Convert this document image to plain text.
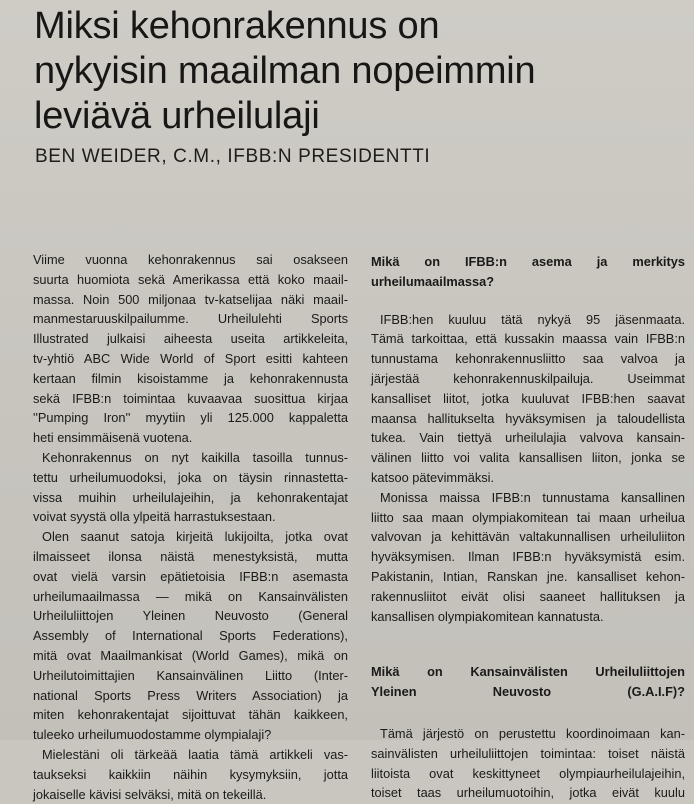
Miksi kehonrakennus on
nykyisin maailman nopeimmin
leviävä urheilulaji
BEN WEIDER, C.M., IFBB:N PRESIDENTTI

Viime vuonna kehonrakennus sai osakseen
suurta huomiota sekä Amerikassa että koko maail-
massa. Noin 500 miljonaa tv-katselijaa näki maail-
manmestaruuskilpailumme. Urheilulehti Sports
Illustrated julkaisi aiheesta useita artikkeleita,
tv-yhtiö ABC Wide World of Sport esitti kahteen
kertaan filmin kisoistamme ja kehonrakennusta
sekä IFBB:n toimintaa kuvaavaa suosittua kirjaa
''Pumping Iron'' myytiin yli 125.000 kappaletta
heti ensimmäisenä vuotena.

Kehonrakennus on nyt kaikilla tasoilla tunnus-
tettu urheilumuodoksi, joka on täysin rinnastetta-
vissa muihin urheilulajeihin, ja kehonrakentajat
voivat syystä olla ylpeitä harrastuksestaan.

Olen saanut satoja kirjeitä lukijoilta, jotka ovat
ilmaisseet ilonsa näistä menestyksistä, mutta
ovat vielä varsin epätietoisia IFBB:n asemasta
urheilumaailmassa — mikä on Kansainvälisten
Urheiluliittojen Yleinen Neuvosto (General
Assembly of International Sports Federations),
mitä ovat Maailmankisat (World Games), mikä on
Urheilutoimittajien Kansainvälinen Liitto (Inter-
national Sports Press Writers Association) ja
miten kehonrakentajat sijoittuvat tähän kaikkeen,
tuleeko urheilumuodostamme olympialaji?

Mielestäni oli tärkeää laatia tämä artikkeli vas-
taukseksi kaikkiin näihin kysymyksiin, jotta
jokaiselle kävisi selväksi, mitä on tekeillä.

Mikä on IFBB:n asema ja merkitys
urheilumaailmassa?

IFBB:hen kuuluu tätä nykyä 95 jäsenmaata.
Tämä tarkoittaa, että kussakin maassa vain IFBB:n
tunnustama kehonrakennusliitto saa valvoa ja
järjestää kehonrakennuskilpailuja. Useimmat
kansalliset liitot, jotka kuuluvat IFBB:hen saavat
maansa hallitukselta hyväksymisen ja taloudellista
tukea. Vain tiettyä urheilulajia valvova kansain-
välinen liitto voi valita kansallisen liiton, jonka se
katsoo pätevimmäksi.

Monissa maissa IFBB:n tunnustama kansallinen
liitto saa maan olympiakomitean tai maan urheilua
valvovan ja kehittävän valtakunnallisen urheiluliiton
hyväksymisen. Ilman IFBB:n hyväksymistä esim.
Pakistanin, Intian, Ranskan jne. kansalliset kehon-
rakennusliitot eivät olisi saaneet hallituksen ja
kansallisen olympiakomitean kannatusta.

Mikä on Kansainvälisten Urheiluliittojen
Yleinen Neuvosto (G.A.I.F)?

Tämä järjestö on perustettu koordinoimaan kan-
sainvälisten urheiluliittojen toimintaa: toiset näistä
liitoista ovat keskittyneet olympiaurheilulajeihin,
toiset taas urheilumuotoihin, jotka eivät kuulu
